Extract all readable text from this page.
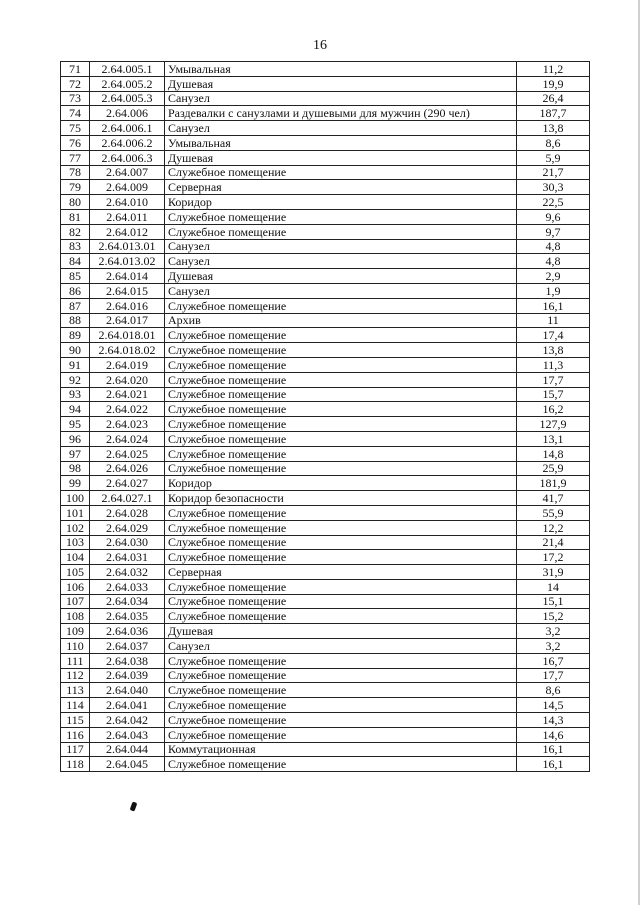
16
71	2.64.005.1	Умывальная	11,2
72	2.64.005.2	Душевая	19,9
73	2.64.005.3	Санузел	26,4
74	2.64.006	Раздевалки с санузлами и душевыми для мужчин (290 чел)	187,7
75	2.64.006.1	Санузел	13,8
76	2.64.006.2	Умывальная	8,6
77	2.64.006.3	Душевая	5,9
78	2.64.007	Служебное помещение	21,7
79	2.64.009	Серверная	30,3
80	2.64.010	Коридор	22,5
81	2.64.011	Служебное помещение	9,6
82	2.64.012	Служебное помещение	9,7
83	2.64.013.01	Санузел	4,8
84	2.64.013.02	Санузел	4,8
85	2.64.014	Душевая	2,9
86	2.64.015	Санузел	1,9
87	2.64.016	Служебное помещение	16,1
88	2.64.017	Архив	11
89	2.64.018.01	Служебное помещение	17,4
90	2.64.018.02	Служебное помещение	13,8
91	2.64.019	Служебное помещение	11,3
92	2.64.020	Служебное помещение	17,7
93	2.64.021	Служебное помещение	15,7
94	2.64.022	Служебное помещение	16,2
95	2.64.023	Служебное помещение	127,9
96	2.64.024	Служебное помещение	13,1
97	2.64.025	Служебное помещение	14,8
98	2.64.026	Служебное помещение	25,9
99	2.64.027	Коридор	181,9
100	2.64.027.1	Коридор безопасности	41,7
101	2.64.028	Служебное помещение	55,9
102	2.64.029	Служебное помещение	12,2
103	2.64.030	Служебное помещение	21,4
104	2.64.031	Служебное помещение	17,2
105	2.64.032	Серверная	31,9
106	2.64.033	Служебное помещение	14
107	2.64.034	Служебное помещение	15,1
108	2.64.035	Служебное помещение	15,2
109	2.64.036	Душевая	3,2
110	2.64.037	Санузел	3,2
111	2.64.038	Служебное помещение	16,7
112	2.64.039	Служебное помещение	17,7
113	2.64.040	Служебное помещение	8,6
114	2.64.041	Служебное помещение	14,5
115	2.64.042	Служебное помещение	14,3
116	2.64.043	Служебное помещение	14,6
117	2.64.044	Коммутационная	16,1
118	2.64.045	Служебное помещение	16,1
